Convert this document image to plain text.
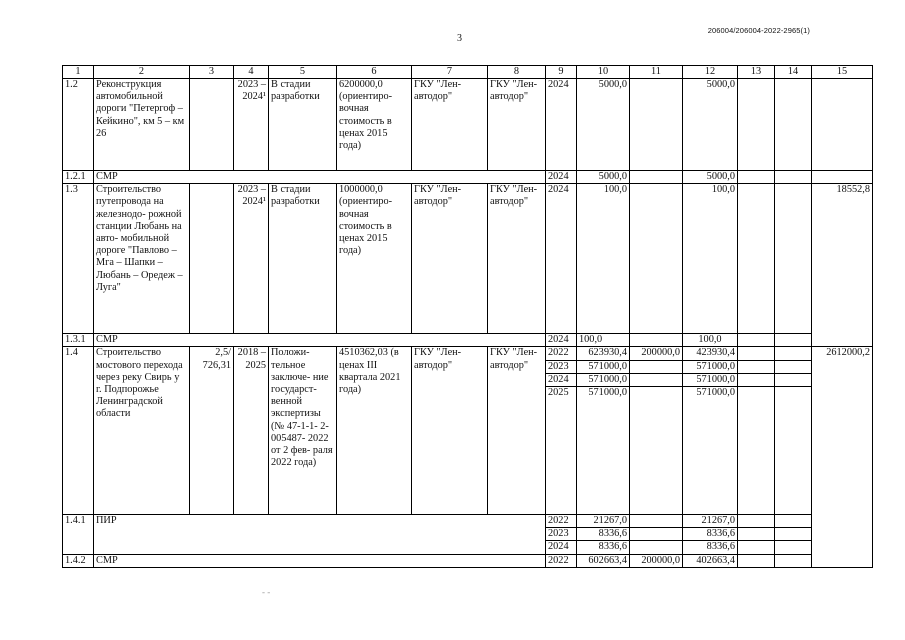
206004/206004-2022-2965(1)
3
- -
1	2	3	4	5	6	7	8	9	10	11	12	13	14	15
1.2	Реконструкция автомобильной дороги "Петергоф – Кейкино", км 5 – км 26		2023 – 2024¹	В стадии разработки	6200000,0 (ориентиро- вочная стоимость в ценах 2015 года)	ГКУ "Лен- автодор"	ГКУ "Лен- автодор"	2024	5000,0		5000,0			
1.2.1	СМР							2024	5000,0		5000,0			
1.3	Строительство путепровода на железнодо- рожной станции Любань на авто- мобильной дороге "Павлово – Мга – Шапки – Любань – Оредеж – Луга"		2023 – 2024¹	В стадии разработки	1000000,0 (ориентиро- вочная стоимость в ценах 2015 года)	ГКУ "Лен- автодор"	ГКУ "Лен- автодор"	2024	100,0		100,0			18552,8
1.3.1	СМР							2024	100,0		100,0			
1.4	Строительство мостового перехода через реку Свирь у г. Подпорожье Ленинградской области	2,5/ 726,31	2018 – 2025	Положи- тельное заключе- ние государст- венной экспертизы (№ 47-1-1- 2-005487- 2022 от 2 фев- раля 2022 года)	4510362,03 (в ценах III квартала 2021 года)	ГКУ "Лен- автодор"	ГКУ "Лен- автодор"	2022	623930,4	200000,0	423930,4			2612000,2
								2023	571000,0		571000,0			
								2024	571000,0		571000,0			
								2025	571000,0		571000,0			
1.4.1	ПИР							2022	21267,0		21267,0			
								2023	8336,6		8336,6			
								2024	8336,6		8336,6			
1.4.2	СМР							2022	602663,4	200000,0	402663,4			
